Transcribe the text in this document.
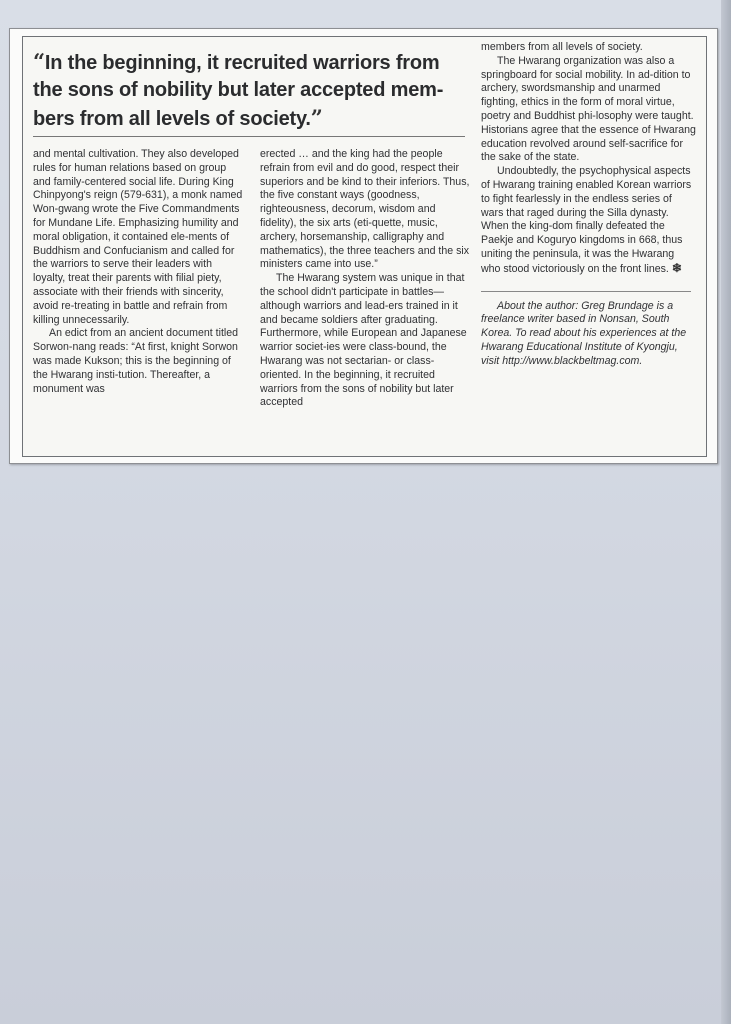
“In the beginning, it recruited warriors from the sons of nobility but later accepted mem-bers from all levels of society.”

and mental cultivation. They also developed rules for human relations based on group and family-centered social life. During King Chinpyong's reign (579-631), a monk named Won-gwang wrote the Five Commandments for Mundane Life. Emphasizing humility and moral obligation, it contained ele-ments of Buddhism and Confucianism and called for the warriors to serve their leaders with loyalty, treat their parents with filial piety, associate with their friends with sincerity, avoid re-treating in battle and refrain from killing unnecessarily.

An edict from an ancient document titled Sorwon-nang reads: “At first, knight Sorwon was made Kukson; this is the beginning of the Hwarang insti-tution. Thereafter, a monument was

erected … and the king had the people refrain from evil and do good, respect their superiors and be kind to their inferiors. Thus, the five constant ways (goodness, righteousness, decorum, wisdom and fidelity), the six arts (eti-quette, music, archery, horsemanship, calligraphy and mathematics), the three teachers and the six ministers came into use.”

The Hwarang system was unique in that the school didn't participate in battles—although warriors and lead-ers trained in it and became soldiers after graduating. Furthermore, while European and Japanese warrior societ-ies were class-bound, the Hwarang was not sectarian- or class-oriented. In the beginning, it recruited warriors from the sons of nobility but later accepted

members from all levels of society.

The Hwarang organization was also a springboard for social mobility. In ad-dition to archery, swordsmanship and unarmed fighting, ethics in the form of moral virtue, poetry and Buddhist phi-losophy were taught. Historians agree that the essence of Hwarang education revolved around self-sacrifice for the sake of the state.

Undoubtedly, the psychophysical aspects of Hwarang training enabled Korean warriors to fight fearlessly in the endless series of wars that raged during the Silla dynasty. When the king-dom finally defeated the Paekje and Koguryo kingdoms in 668, thus uniting the peninsula, it was the Hwarang who stood victoriously on the front lines. ❄

About the author: Greg Brundage is a freelance writer based in Nonsan, South Korea. To read about his experiences at the Hwarang Educational Institute of Kyongju, visit http://www.blackbeltmag.com.
